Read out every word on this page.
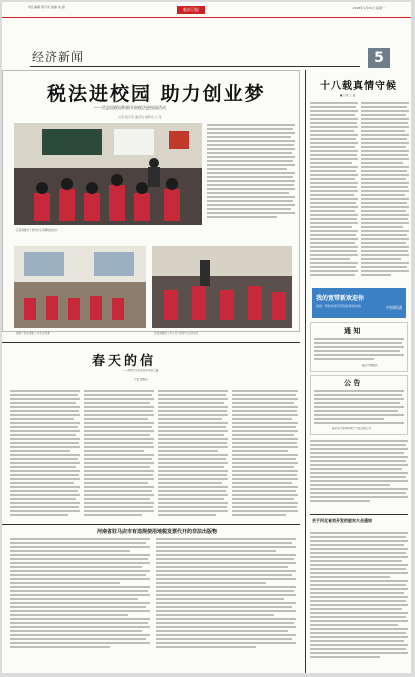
责任编辑 程平亮 美编 刘 超	临沂日报	2018年1月30日 星期一
经济新闻	5
税法进校园 助力创业梦
——莒县国税局积极开展税法进校园活动
记者 程平亮 通讯员 褚辉亮 公 莹
莒县国税局干部向学生讲解税收知识
国税干部在课堂上为学生讲课	莒县国税局工作人员与同学们互动交流
春天的信
——我市中小企业返乡创业之路
记者 晨税岳
河南省驻马店市有违规使用地税发票代开的非法出版物
十八载真情守候
■ 记者 王 晶
我的宽带新欢迎你
我的一帮新的宽带带给你新的体验	中国联通
通 知
临沂市国税局
公 告
临沂东方星城房地产开发有限公司
关于河北省刘开发的股东大会通知
